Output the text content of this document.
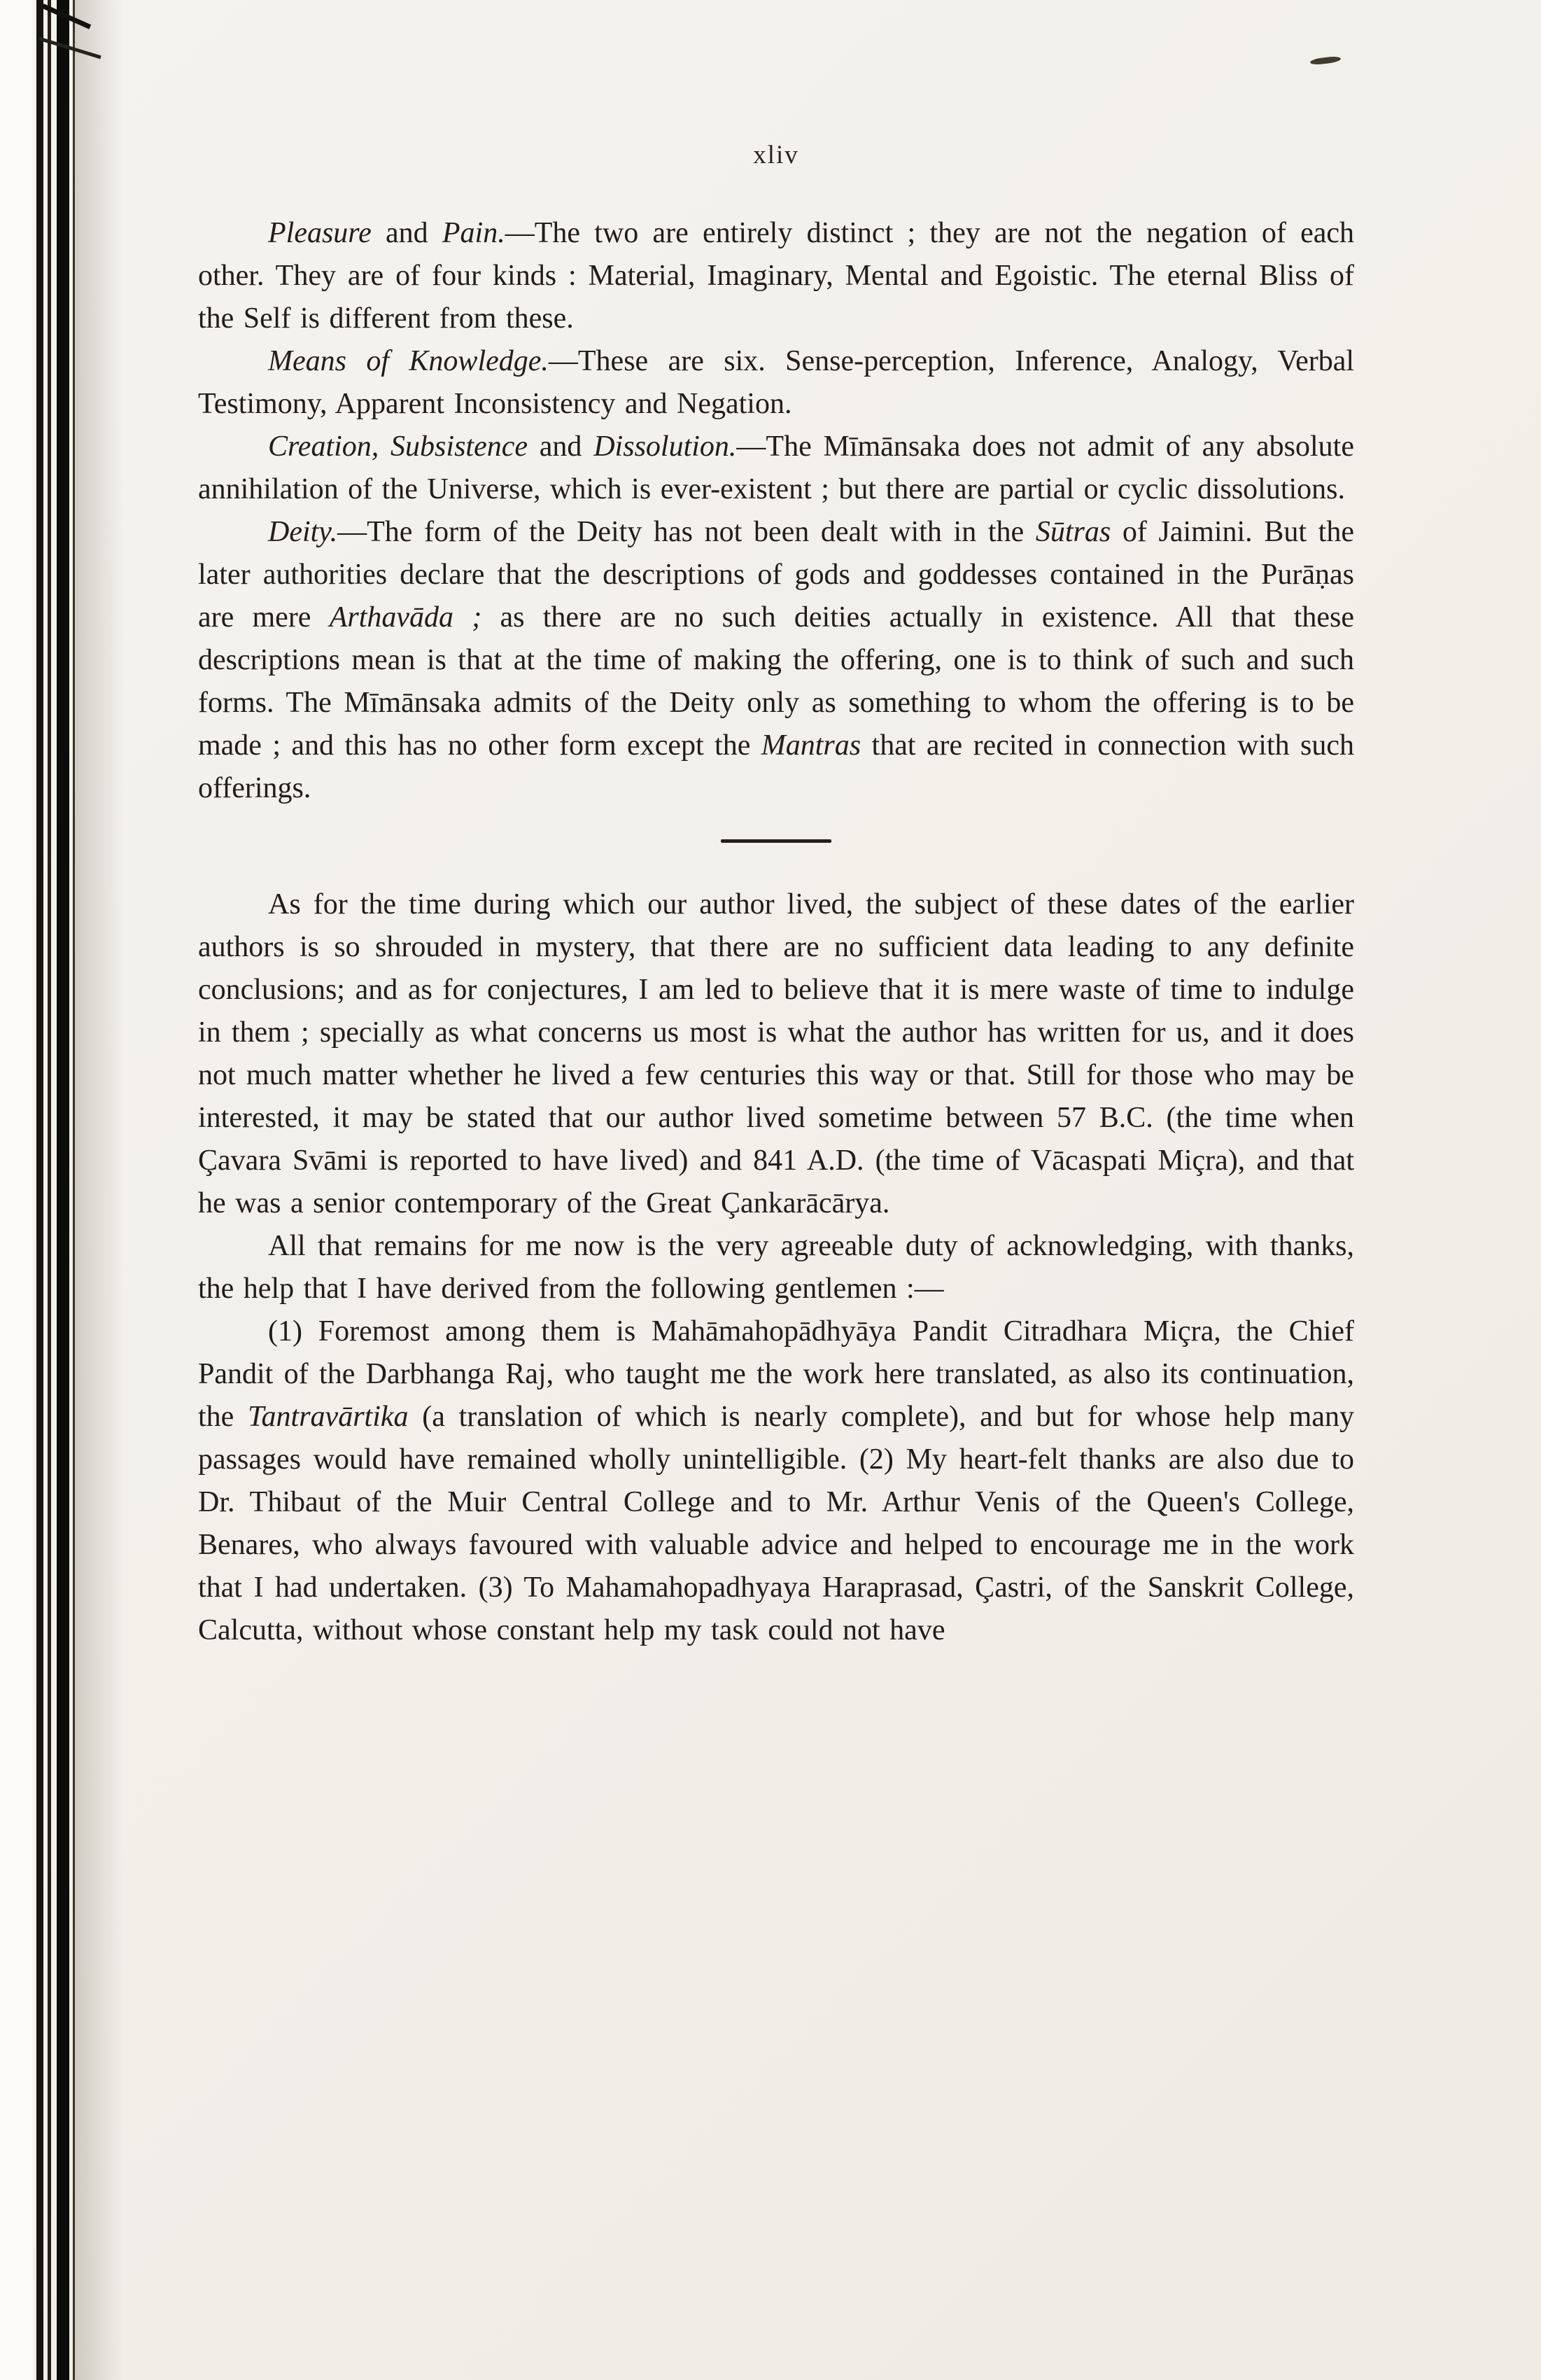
xliv

Pleasure and Pain.—The two are entirely distinct ; they are not the negation of each other. They are of four kinds : Material, Imaginary, Mental and Egoistic. The eternal Bliss of the Self is different from these.

Means of Knowledge.—These are six. Sense-perception, Inference, Analogy, Verbal Testimony, Apparent Inconsistency and Negation.

Creation, Subsistence and Dissolution.—The Mīmānsaka does not admit of any absolute annihilation of the Universe, which is ever-existent ; but there are partial or cyclic dissolutions.

Deity.—The form of the Deity has not been dealt with in the Sūtras of Jaimini. But the later authorities declare that the descriptions of gods and goddesses contained in the Purāṇas are mere Arthavāda ; as there are no such deities actually in existence. All that these descriptions mean is that at the time of making the offering, one is to think of such and such forms. The Mīmānsaka admits of the Deity only as something to whom the offering is to be made ; and this has no other form except the Mantras that are recited in connection with such offerings.

As for the time during which our author lived, the subject of these dates of the earlier authors is so shrouded in mystery, that there are no sufficient data leading to any definite conclusions; and as for conjectures, I am led to believe that it is mere waste of time to indulge in them ; specially as what concerns us most is what the author has written for us, and it does not much matter whether he lived a few centuries this way or that. Still for those who may be interested, it may be stated that our author lived sometime between 57 B.C. (the time when Çavara Svāmi is reported to have lived) and 841 A.D. (the time of Vācaspati Miçra), and that he was a senior contemporary of the Great Çankarācārya.

All that remains for me now is the very agreeable duty of acknowledging, with thanks, the help that I have derived from the following gentlemen :—

(1) Foremost among them is Mahāmahopādhyāya Pandit Citradhara Miçra, the Chief Pandit of the Darbhanga Raj, who taught me the work here translated, as also its continuation, the Tantravārtika (a translation of which is nearly complete), and but for whose help many passages would have remained wholly unintelligible. (2) My heart-felt thanks are also due to Dr. Thibaut of the Muir Central College and to Mr. Arthur Venis of the Queen's College, Benares, who always favoured with valuable advice and helped to encourage me in the work that I had undertaken. (3) To Mahamahopadhyaya Haraprasad, Çastri, of the Sanskrit College, Calcutta, without whose constant help my task could not have
